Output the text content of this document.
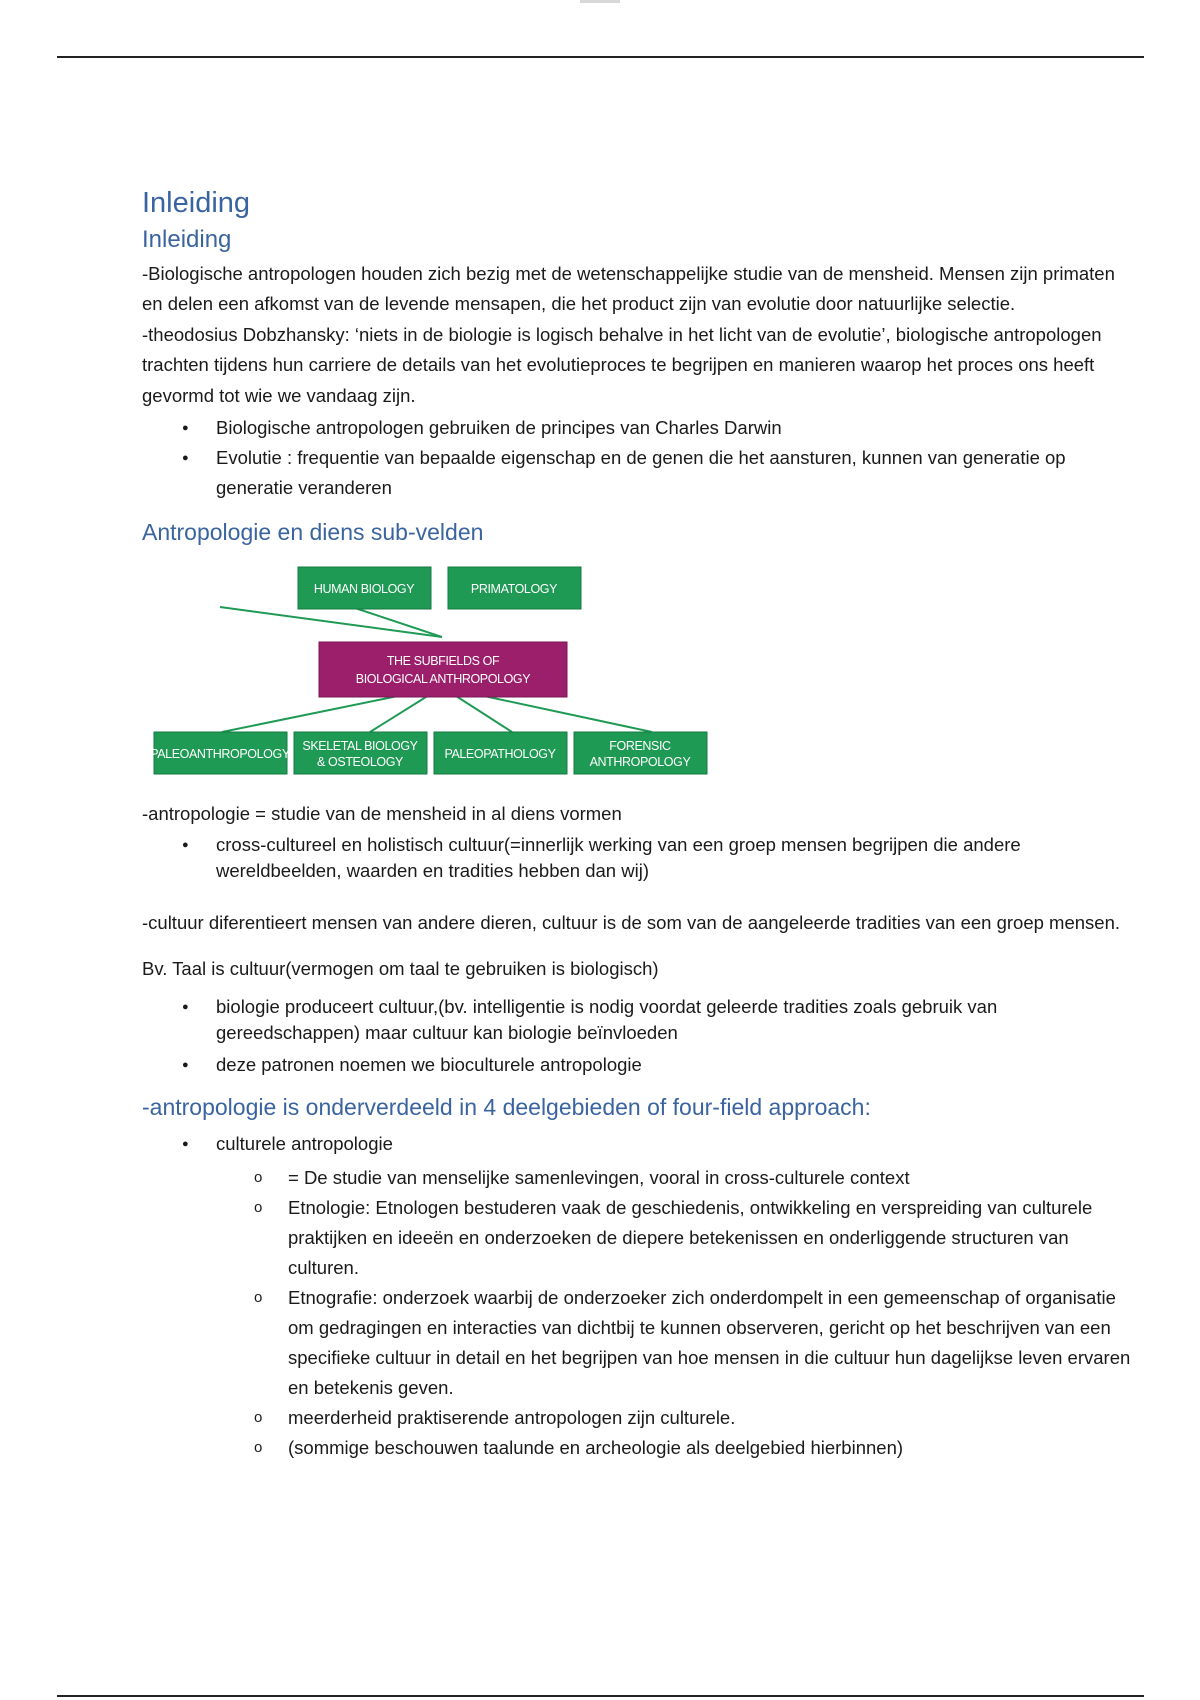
Inleiding
Inleiding

-Biologische antropologen houden zich bezig met de wetenschappelijke studie van de mensheid. Mensen zijn primaten en delen een afkomst van de levende mensapen, die het product zijn van evolutie door natuurlijke selectie.

-theodosius Dobzhansky: ‘niets in de biologie is logisch behalve in het licht van de evolutie’, biologische antropologen trachten tijdens hun carriere de details van het evolutieproces te begrijpen en manieren waarop het proces ons heeft gevormd tot wie we vandaag zijn.

● Biologische antropologen gebruiken de principes van Charles Darwin
● Evolutie : frequentie van bepaalde eigenschap en de genen die het aansturen, kunnen van generatie op generatie veranderen
Antropologie en diens sub-velden
HUMAN BIOLOGY	PRIMATOLOGY
THE SUBFIELDS OF
BIOLOGICAL ANTHROPOLOGY
PALEOANTHROPOLOGY
SKELETAL BIOLOGY
& OSTEOLOGY
PALEOPATHOLOGY
FORENSIC
ANTHROPOLOGY

-antropologie = studie van de mensheid in al diens vormen

● cross-cultureel en holistisch cultuur(=innerlijk werking van een groep mensen begrijpen die andere wereldbeelden, waarden en tradities hebben dan wij)

-cultuur diferentieert mensen van andere dieren, cultuur is de som van de aangeleerde tradities van een groep mensen. Bv. Taal is cultuur(vermogen om taal te gebruiken is biologisch)

● biologie produceert cultuur,(bv. intelligentie is nodig voordat geleerde tradities zoals gebruik van gereedschappen) maar cultuur kan biologie beïnvloeden
● deze patronen noemen we bioculturele antropologie
-antropologie is onderverdeeld in 4 deelgebieden of four-field approach:
● culturele antropologie
o = De studie van menselijke samenlevingen, vooral in cross-culturele context
o Etnologie: Etnologen bestuderen vaak de geschiedenis, ontwikkeling en verspreiding van culturele praktijken en ideeën en onderzoeken de diepere betekenissen en onderliggende structuren van culturen.
o Etnografie: onderzoek waarbij de onderzoeker zich onderdompelt in een gemeenschap of organisatie om gedragingen en interacties van dichtbij te kunnen observeren, gericht op het beschrijven van een specifieke cultuur in detail en het begrijpen van hoe mensen in die cultuur hun dagelijkse leven ervaren en betekenis geven.
o meerderheid praktiserende antropologen zijn culturele.
o (sommige beschouwen taalunde en archeologie als deelgebied hierbinnen)
